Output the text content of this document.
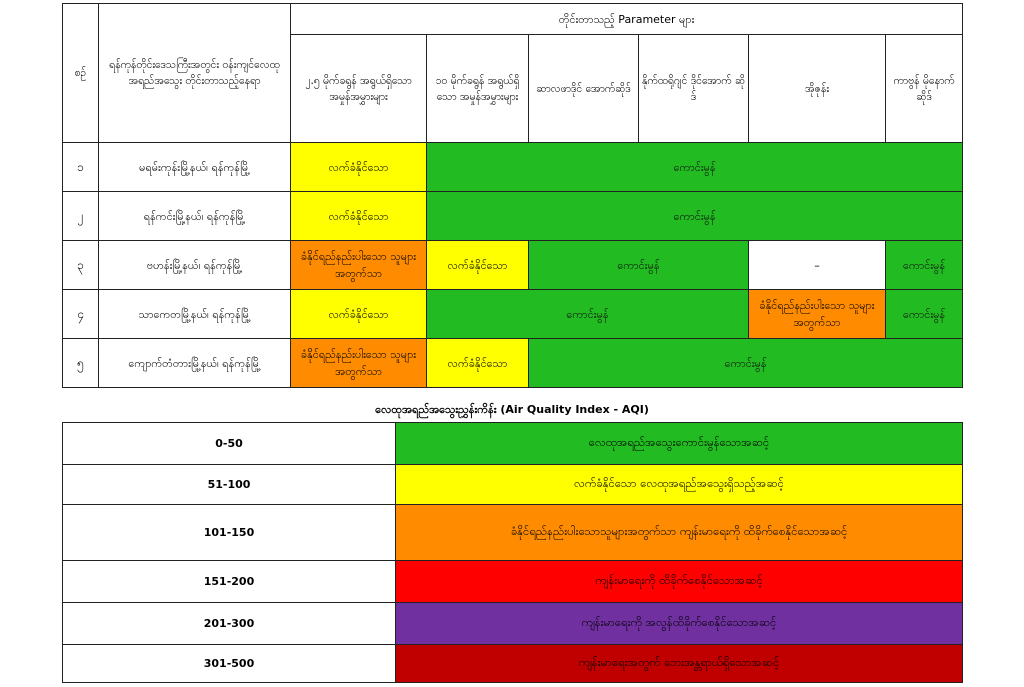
စဉ်	ရန်ကုန်တိုင်းဒေသကြီးအတွင်း ဝန်းကျင်လေထု အရည်အသွေး တိုင်းတာသည့်နေရာ	တိုင်းတာသည့် Parameter များ					
		၂.၅ မိုက်ခရွန် အရွယ်ရှိသော အမှုန်အမွှားများ	၁၀ မိုက်ခရွန် အရွယ်ရှိသော အမှုန်အမွှားများ	ဆာလဖာဒိုင် အောက်ဆိုဒ်	နိုက်ထရိုဂျင် ဒိုင်အောက် ဆိုဒ်	အိုဇုန်း	ကာဗွန် မိုနောက် ဆိုဒ်
၁	မရမ်းကုန်းမြို့နယ်၊ ရန်ကုန်မြို့	လက်ခံနိုင်သော	ကောင်းမွန်				
၂	ရန်ကင်းမြို့နယ်၊ ရန်ကုန်မြို့	လက်ခံနိုင်သော	ကောင်းမွန်				
၃	ဗဟန်းမြို့နယ်၊ ရန်ကုန်မြို့	ခံနိုင်ရည်နည်းပါးသော သူများအတွက်သာ	လက်ခံနိုင်သော	ကောင်းမွန်		–	ကောင်းမွန်
၄	သာကေတမြို့နယ်၊ ရန်ကုန်မြို့	လက်ခံနိုင်သော	ကောင်းမွန်			ခံနိုင်ရည်နည်းပါးသော သူများအတွက်သာ	ကောင်းမွန်
၅	ကျောက်တံတားမြို့နယ်၊ ရန်ကုန်မြို့	ခံနိုင်ရည်နည်းပါးသော သူများအတွက်သာ	လက်ခံနိုင်သော	ကောင်းမွန်			
လေထုအရည်အသွေးညွှန်းကိန်း (Air Quality Index - AQI)
0-50	လေထုအရည်အသွေးကောင်းမွန်သောအဆင့်
51-100	လက်ခံနိုင်သော လေထုအရည်အသွေးရှိသည့်အဆင့်
101-150	ခံနိုင်ရည်နည်းပါးသောသူများအတွက်သာ ကျန်းမာရေးကို ထိခိုက်စေနိုင်သောအဆင့်
151-200	ကျန်းမာရေးကို ထိခိုက်စေနိုင်သောအဆင့်
201-300	ကျန်းမာရေးကို အလွန်ထိခိုက်စေနိုင်သောအဆင့်
301-500	ကျန်းမာရေးအတွက် ဘေးအန္တရာယ်ရှိသောအဆင့်
